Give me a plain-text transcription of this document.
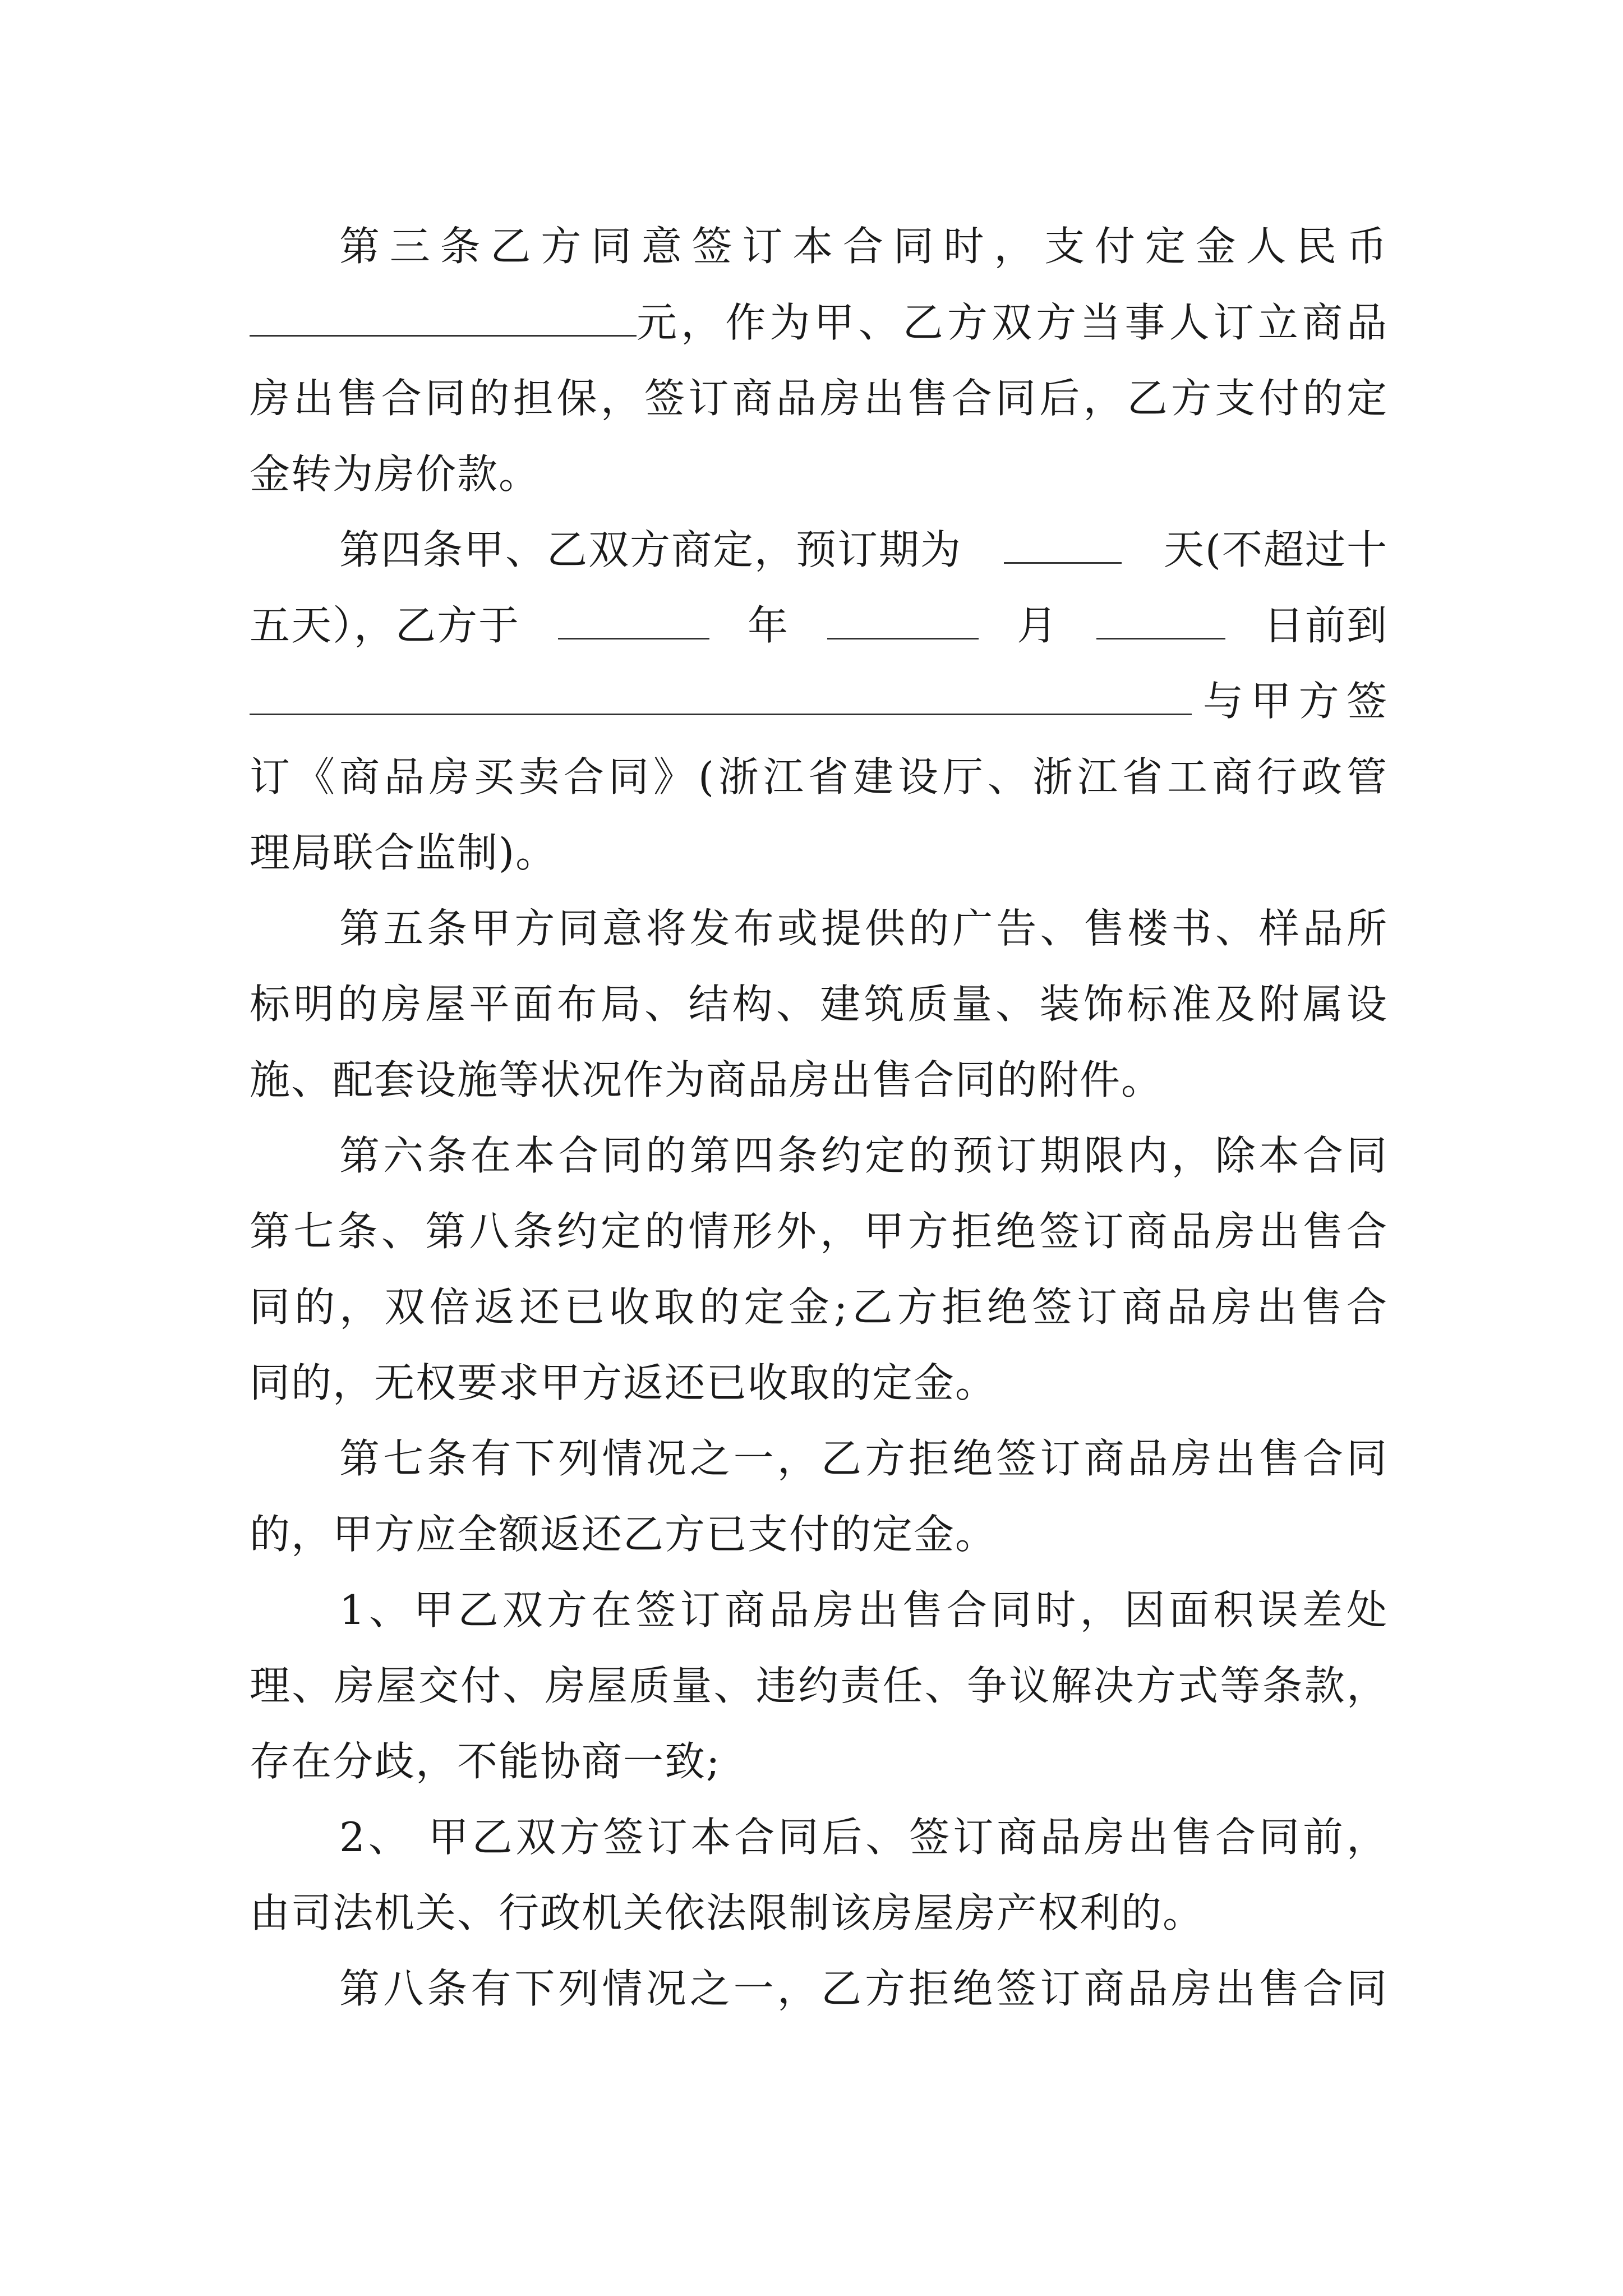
第三条乙方同意签订本合同时，支付定金人民币
元，作为甲、乙方双方当事人订立商品
房出售合同的担保，签订商品房出售合同后，乙方支付的定
金转为房价款。
第四条甲、乙双方商定，预订期为	天(不超过十
五天），乙方于	年	月	日前到
与甲方签
订《商品房买卖合同》(浙江省建设厅、浙江省工商行政管
理局联合监制)。
第五条甲方同意将发布或提供的广告、售楼书、样品所
标明的房屋平面布局、结构、建筑质量、装饰标准及附属设
施、配套设施等状况作为商品房出售合同的附件。
第六条在本合同的第四条约定的预订期限内，除本合同
第七条、第八条约定的情形外，甲方拒绝签订商品房出售合
同的，双倍返还已收取的定金;乙方拒绝签订商品房出售合
同的，无权要求甲方返还已收取的定金。
第七条有下列情况之一，乙方拒绝签订商品房出售合同
的，甲方应全额返还乙方已支付的定金。
1、甲乙双方在签订商品房出售合同时，因面积误差处
理、房屋交付、房屋质量、违约责任、争议解决方式等条款，
存在分歧，不能协商一致;
2、 甲乙双方签订本合同后、签订商品房出售合同前，
由司法机关、行政机关依法限制该房屋房产权利的。
第八条有下列情况之一，乙方拒绝签订商品房出售合同
